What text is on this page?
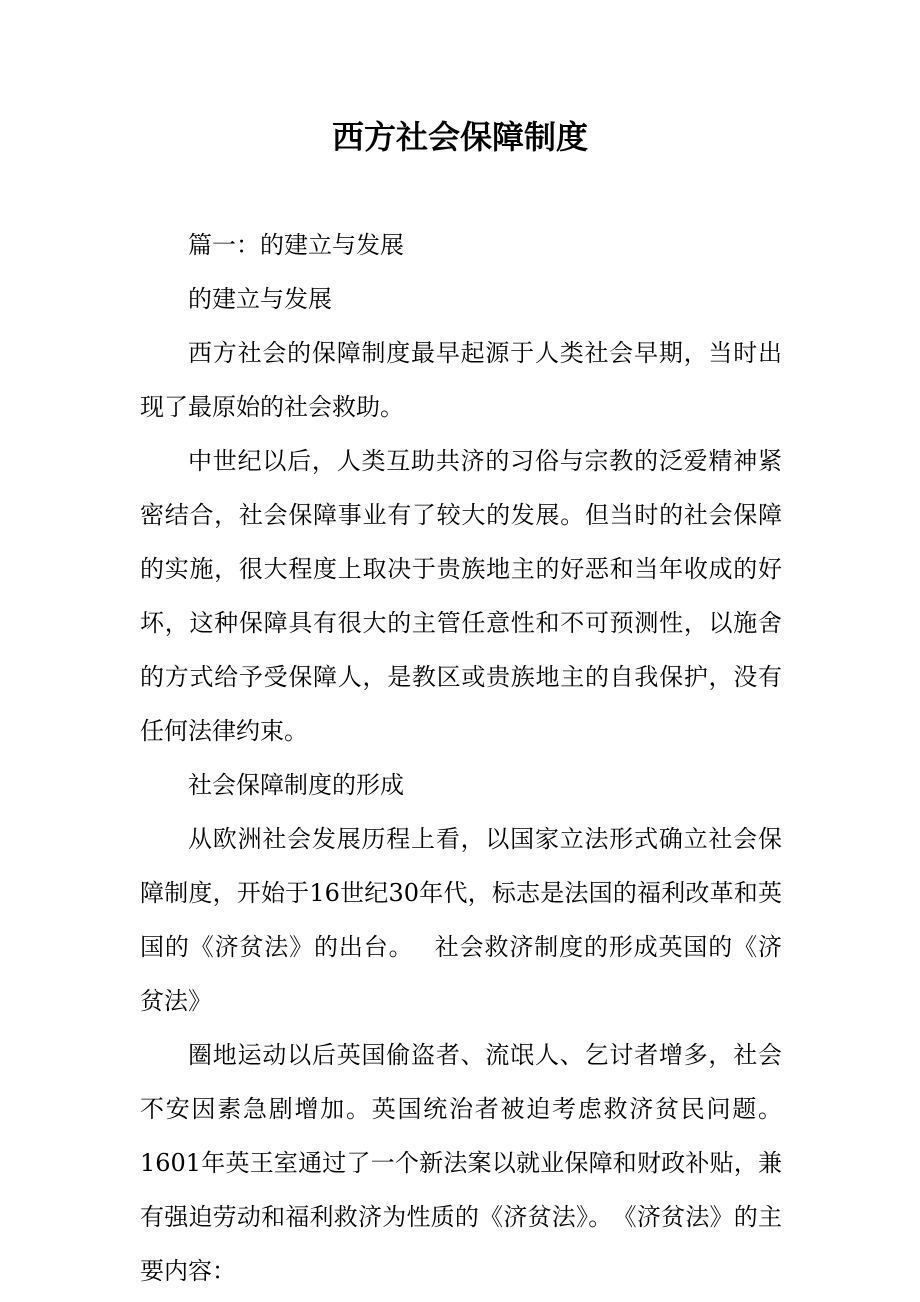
西方社会保障制度

篇一：的建立与发展

的建立与发展

西方社会的保障制度最早起源于人类社会早期，当时出现了最原始的社会救助。

中世纪以后，人类互助共济的习俗与宗教的泛爱精神紧密结合，社会保障事业有了较大的发展。但当时的社会保障的实施，很大程度上取决于贵族地主的好恶和当年收成的好坏，这种保障具有很大的主管任意性和不可预测性，以施舍的方式给予受保障人，是教区或贵族地主的自我保护，没有任何法律约束。

社会保障制度的形成

从欧洲社会发展历程上看，以国家立法形式确立社会保障制度，开始于16世纪30年代，标志是法国的福利改革和英国的《济贫法》的出台。　 社会救济制度的形成英国的《济贫法》

圈地运动以后英国偷盗者、流氓人、乞讨者增多，社会不安因素急剧增加。英国统治者被迫考虑救济贫民问题。1601年英王室通过了一个新法案以就业保障和财政补贴，兼有强迫劳动和福利救济为性质的《济贫法》。　《济贫法》的主要内容：
